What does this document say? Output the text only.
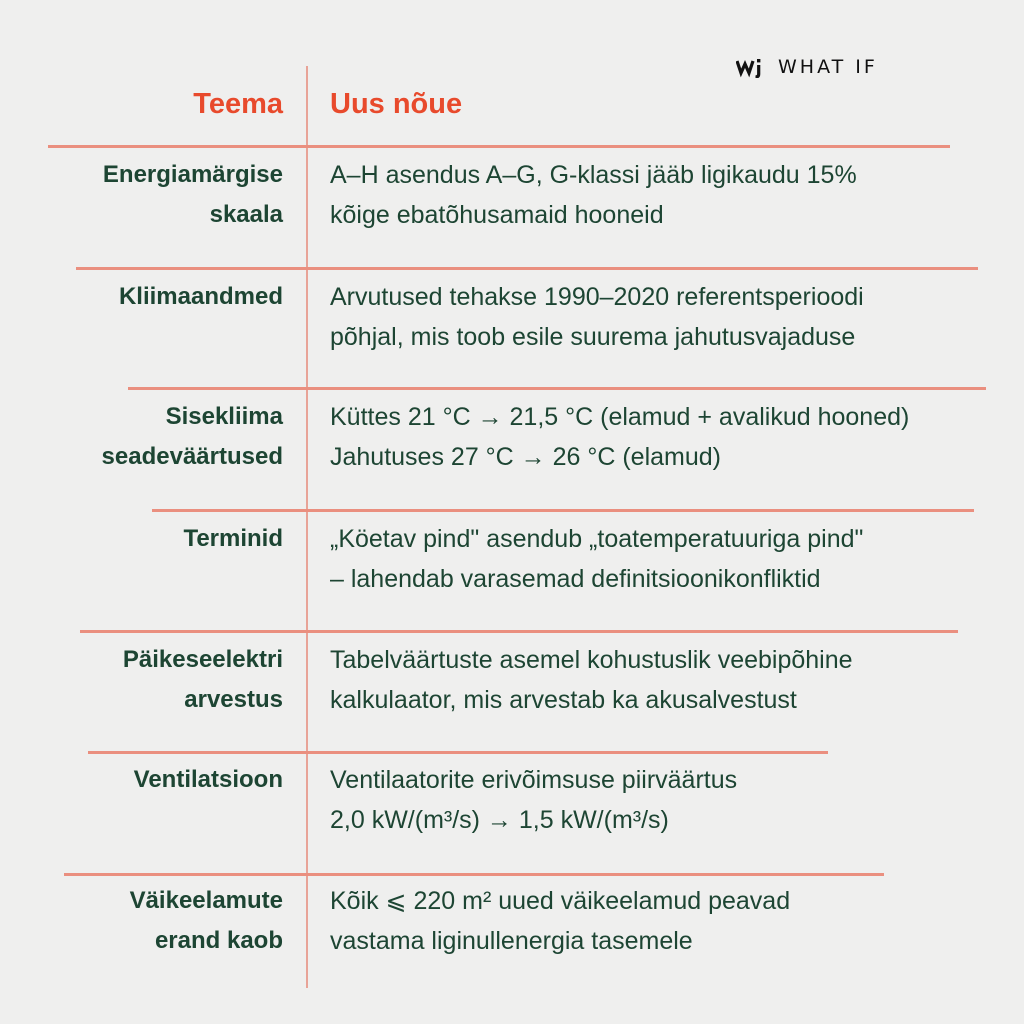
WHAT IF
Teema Uus nõue
Energiamärgise
skaala
A–H asendus A–G, G-klassi jääb ligikaudu 15%
kõige ebatõhusamaid hooneid
Kliimaandmed Arvutused tehakse 1990–2020 referentsperioodi
põhjal, mis toob esile suurema jahutusvajaduse
Sisekliima
seadeväärtused
Küttes 21 °C → 21,5 °C (elamud + avalikud hooned)
Jahutuses 27 °C → 26 °C (elamud)
Terminid „Köetav pind" asendub „toatemperatuuriga pind"
– lahendab varasemad definitsioonikonfliktid
Päikeseelektri
arvestus
Tabelväärtuste asemel kohustuslik veebipõhine
kalkulaator, mis arvestab ka akusalvestust
Ventilatsioon Ventilaatorite erivõimsuse piirväärtus
2,0 kW/(m³/s) → 1,5 kW/(m³/s)
Väikeelamute
erand kaob
Kõik ⩽ 220 m² uued väikeelamud peavad
vastama liginullenergia tasemele
